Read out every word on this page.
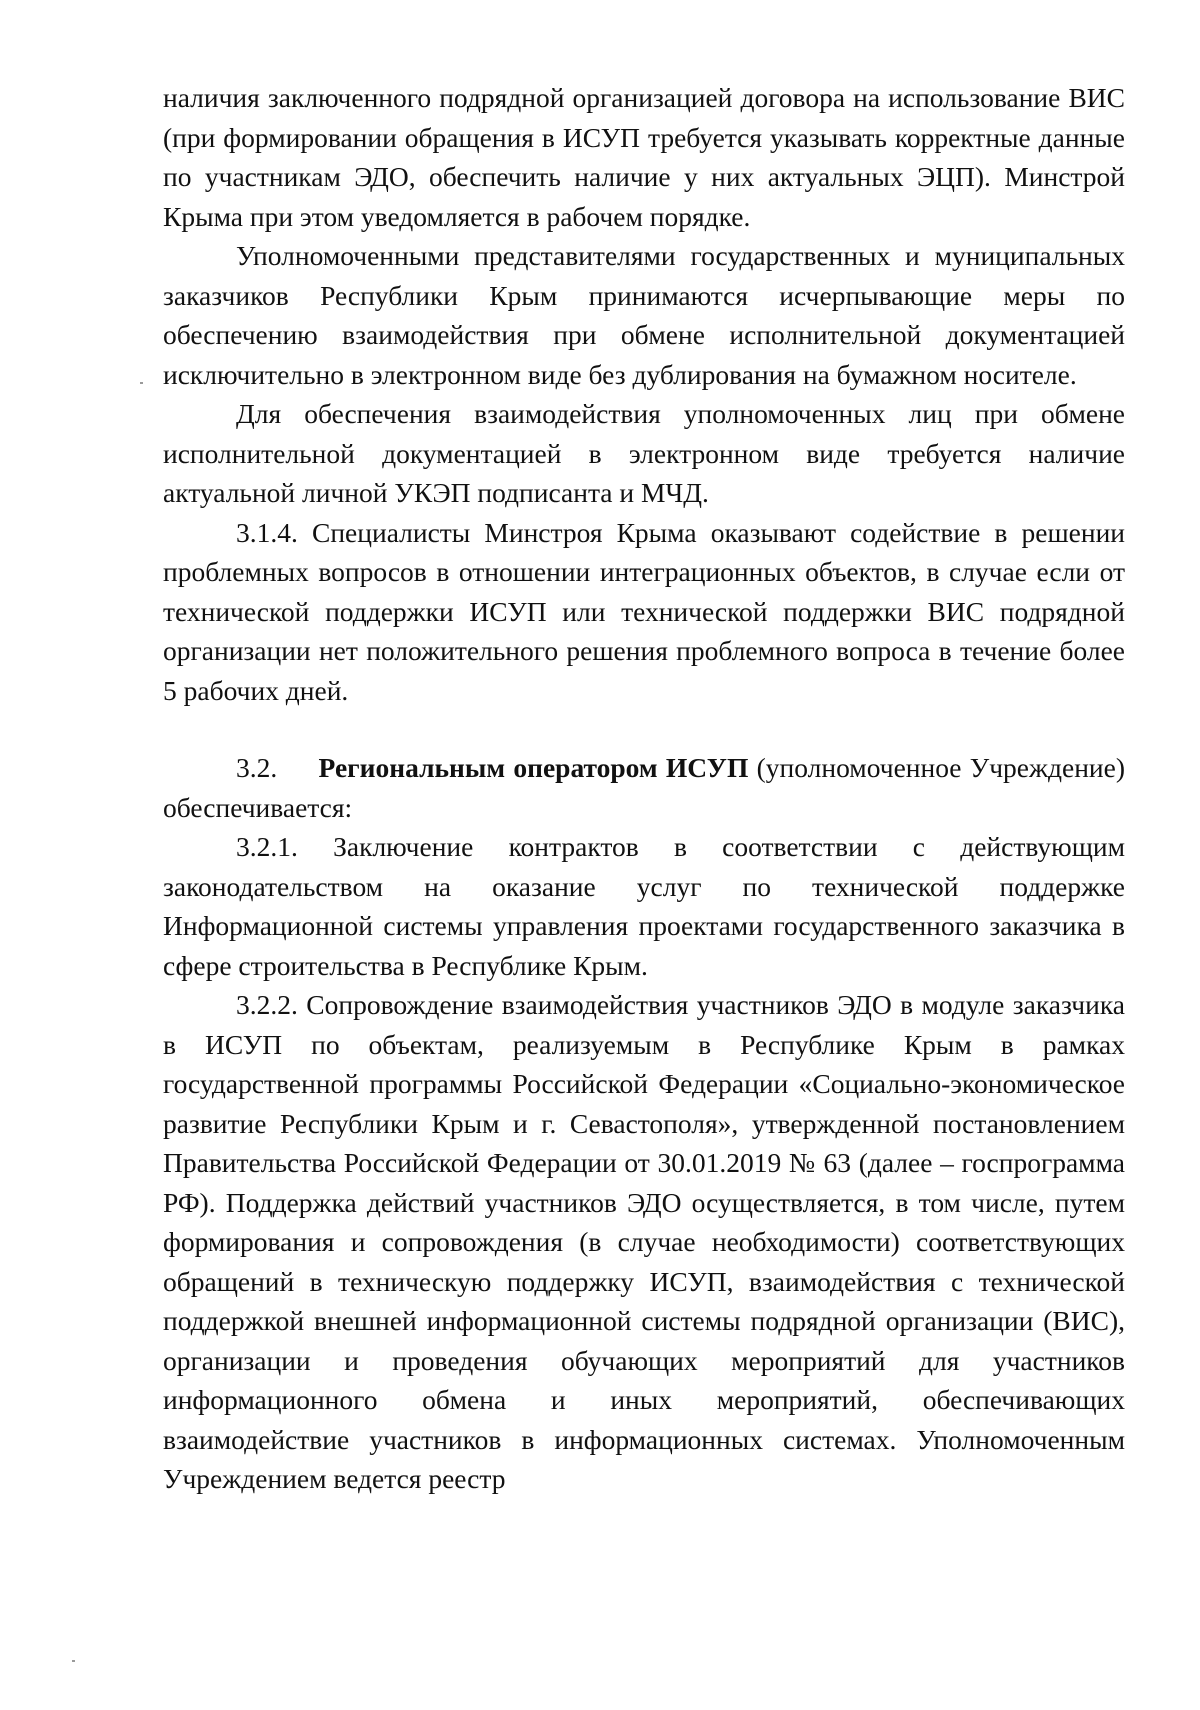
наличия заключенного подрядной организацией договора на использование ВИС (при формировании обращения в ИСУП требуется указывать корректные данные по участникам ЭДО, обеспечить наличие у них актуальных ЭЦП). Минстрой Крыма при этом уведомляется в рабочем порядке.

Уполномоченными представителями государственных и муниципальных заказчиков Республики Крым принимаются исчерпывающие меры по обеспечению взаимодействия при обмене исполнительной документацией исключительно в электронном виде без дублирования на бумажном носителе.

Для обеспечения взаимодействия уполномоченных лиц при обмене исполнительной документацией в электронном виде требуется наличие актуальной личной УКЭП подписанта и МЧД.

3.1.4. Специалисты Минстроя Крыма оказывают содействие в решении проблемных вопросов в отношении интеграционных объектов, в случае если от технической поддержки ИСУП или технической поддержки ВИС подрядной организации нет положительного решения проблемного вопроса в течение более 5 рабочих дней.

3.2. Региональным оператором ИСУП (уполномоченное Учреждение) обеспечивается:

3.2.1. Заключение контрактов в соответствии с действующим законодательством на оказание услуг по технической поддержке Информационной системы управления проектами государственного заказчика в сфере строительства в Республике Крым.

3.2.2. Сопровождение взаимодействия участников ЭДО в модуле заказчика в ИСУП по объектам, реализуемым в Республике Крым в рамках государственной программы Российской Федерации «Социально-экономическое развитие Республики Крым и г. Севастополя», утвержденной постановлением Правительства Российской Федерации от 30.01.2019 № 63 (далее – госпрограмма РФ). Поддержка действий участников ЭДО осуществляется, в том числе, путем формирования и сопровождения (в случае необходимости) соответствующих обращений в техническую поддержку ИСУП, взаимодействия с технической поддержкой внешней информационной системы подрядной организации (ВИС), организации и проведения обучающих мероприятий для участников информационного обмена и иных мероприятий, обеспечивающих взаимодействие участников в информационных системах. Уполномоченным Учреждением ведется реестр
